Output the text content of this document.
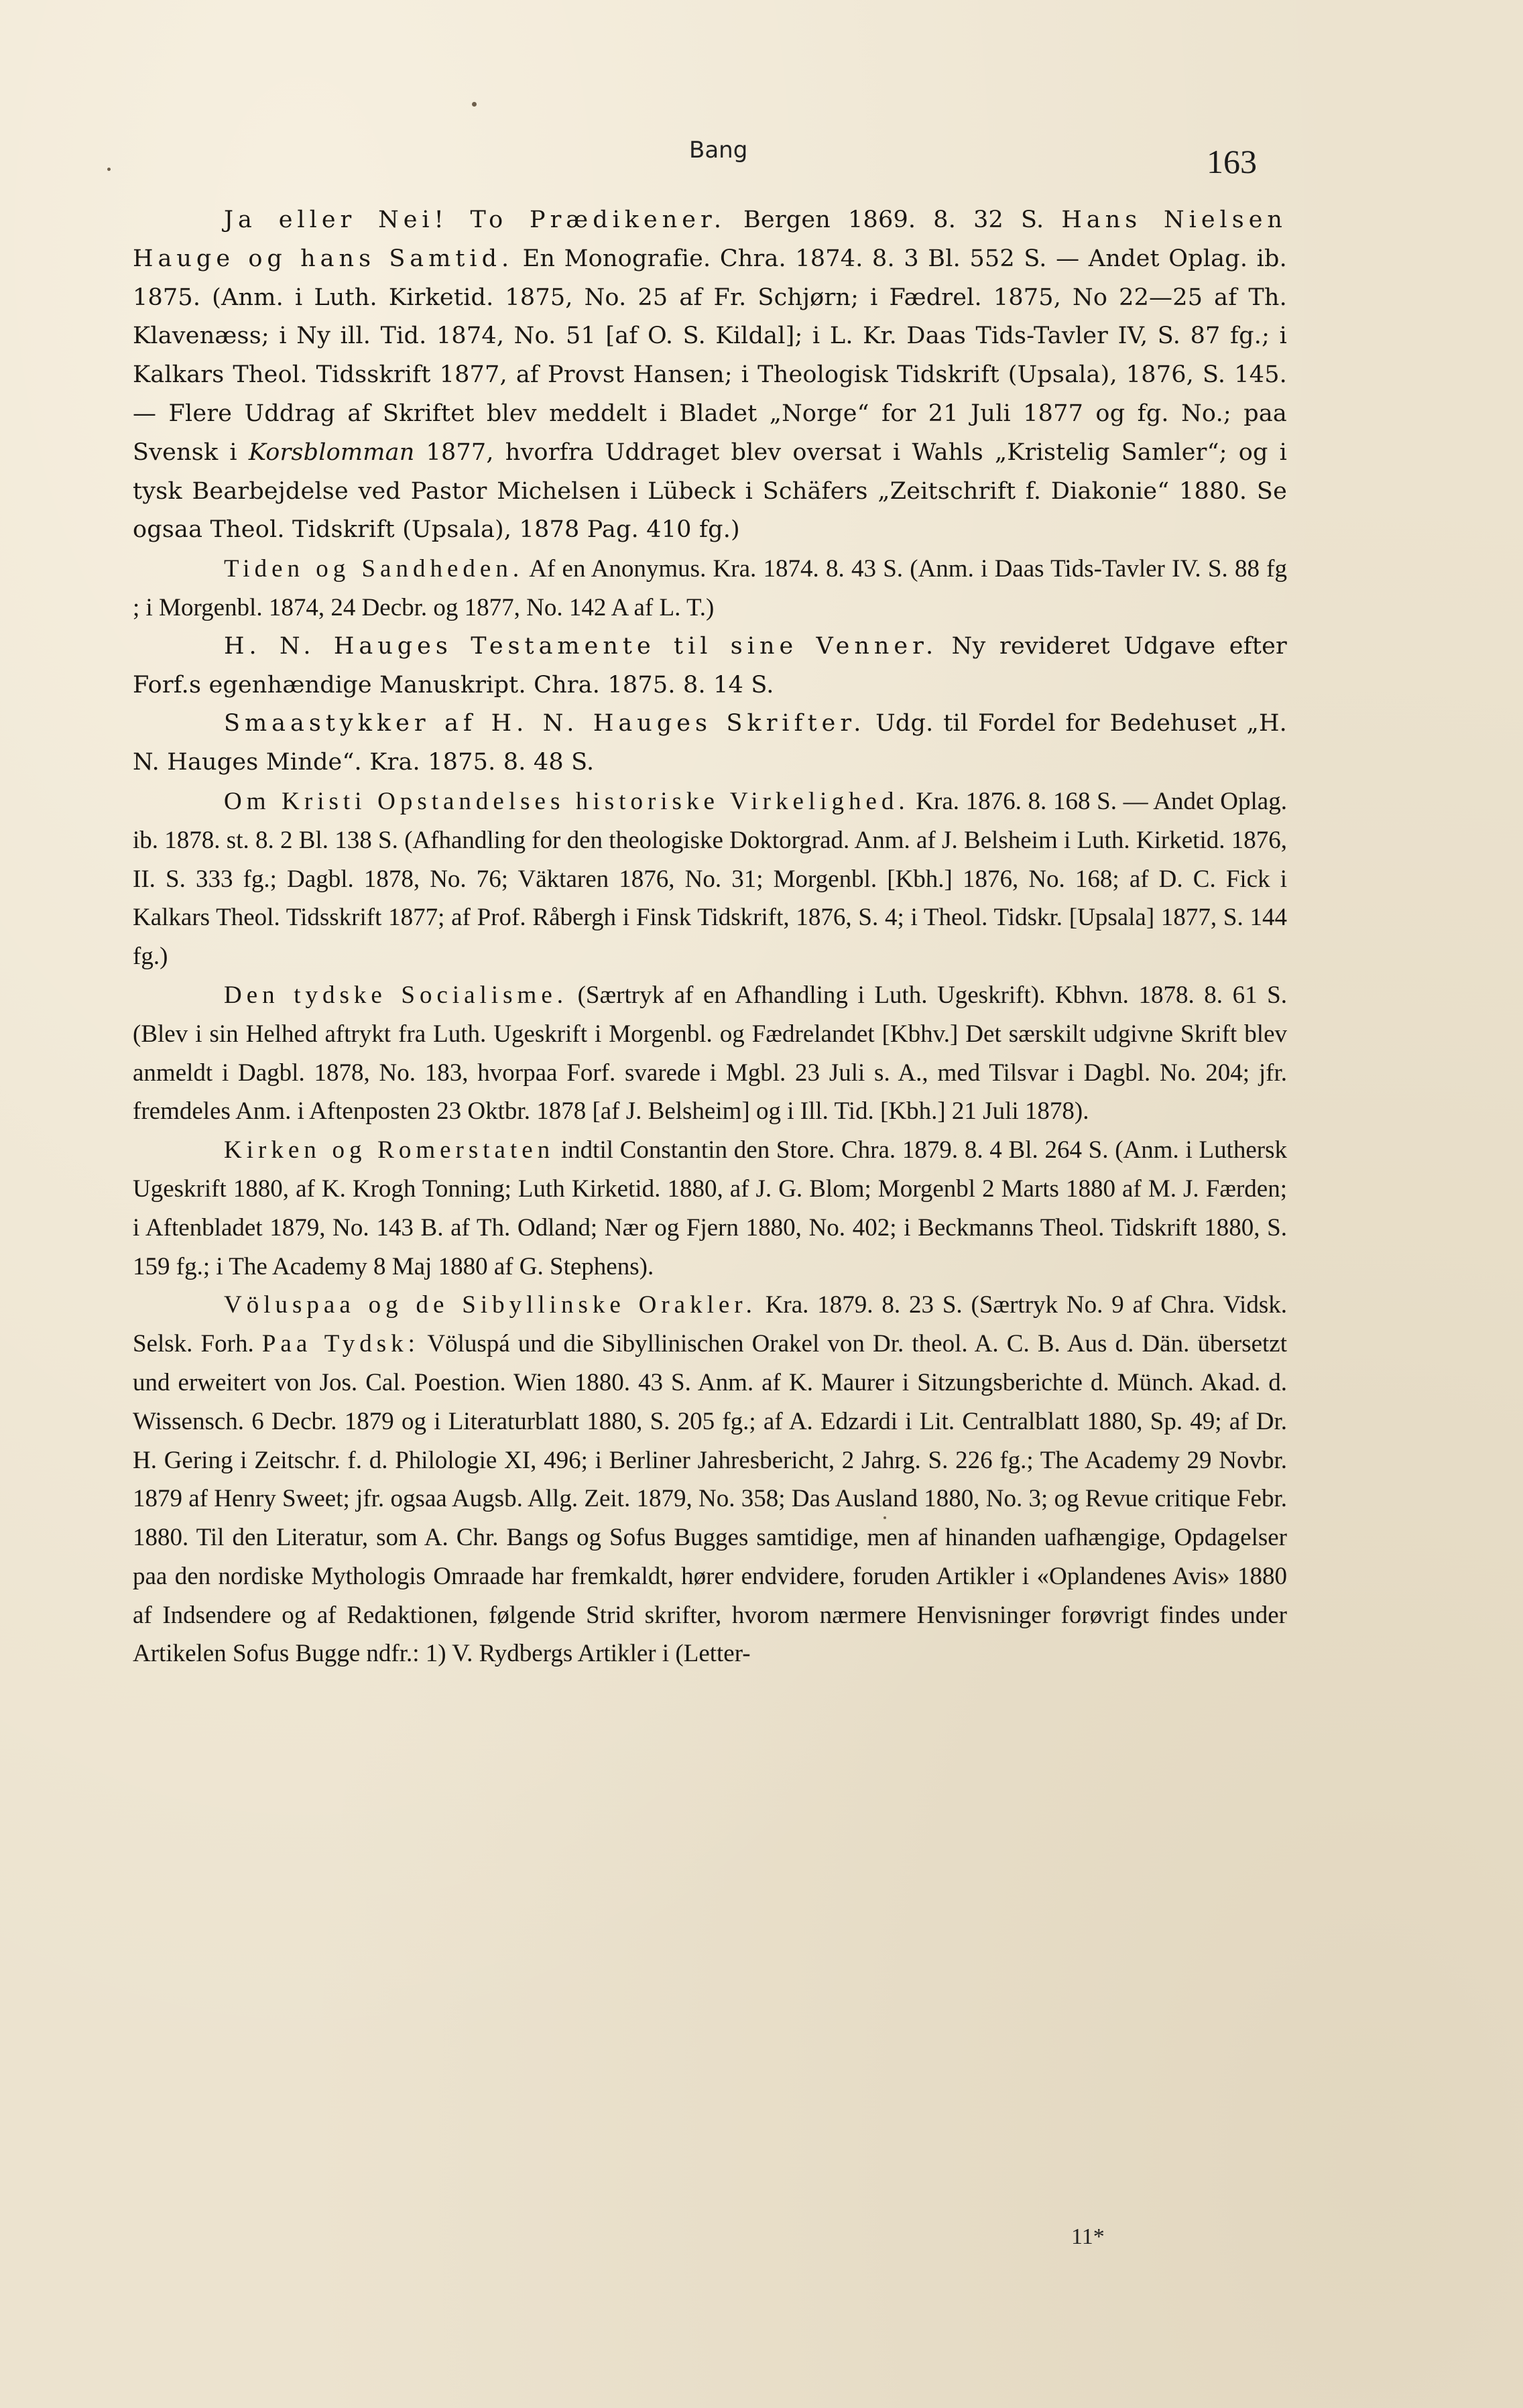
Bang	163

Ja eller Nei! To Prædikener. Bergen 1869. 8. 32 S. Hans Nielsen Hauge og hans Samtid. En Monografie. Chra. 1874. 8. 3 Bl. 552 S. — Andet Oplag. ib. 1875. (Anm. i Luth. Kirketid. 1875, No. 25 af Fr. Schjørn; i Fædrel. 1875, No 22—25 af Th. Klavenæss; i Ny ill. Tid. 1874, No. 51 [af O. S. Kildal]; i L. Kr. Daas Tids-Tavler IV, S. 87 fg.; i Kalkars Theol. Tidsskrift 1877, af Provst Hansen; i Theologisk Tidskrift (Upsala), 1876, S. 145. — Flere Uddrag af Skriftet blev meddelt i Bladet „Norge“ for 21 Juli 1877 og fg. No.; paa Svensk i Korsblomman 1877, hvorfra Uddraget blev oversat i Wahls „Kristelig Samler“; og i tysk Bearbejdelse ved Pastor Michelsen i Lübeck i Schäfers „Zeitschrift f. Diakonie“ 1880. Se ogsaa Theol. Tidskrift (Upsala), 1878 Pag. 410 fg.)

Tiden og Sandheden. Af en Anonymus. Kra. 1874. 8. 43 S. (Anm. i Daas Tids-Tavler IV. S. 88 fg ; i Morgenbl. 1874, 24 Decbr. og 1877, No. 142 A af L. T.)

H. N. Hauges Testamente til sine Venner. Ny revideret Udgave efter Forf.s egenhændige Manuskript. Chra. 1875. 8. 14 S.

Smaastykker af H. N. Hauges Skrifter. Udg. til Fordel for Bedehuset „H. N. Hauges Minde“. Kra. 1875. 8. 48 S.

Om Kristi Opstandelses historiske Virkelighed. Kra. 1876. 8. 168 S. — Andet Oplag. ib. 1878. st. 8. 2 Bl. 138 S. (Afhandling for den theologiske Doktorgrad. Anm. af J. Belsheim i Luth. Kirketid. 1876, II. S. 333 fg.; Dagbl. 1878, No. 76; Väktaren 1876, No. 31; Morgenbl. [Kbh.] 1876, No. 168; af D. C. Fick i Kalkars Theol. Tidsskrift 1877; af Prof. Råbergh i Finsk Tidskrift, 1876, S. 4; i Theol. Tidskr. [Upsala] 1877, S. 144 fg.)

Den tydske Socialisme. (Særtryk af en Afhandling i Luth. Ugeskrift). Kbhvn. 1878. 8. 61 S. (Blev i sin Helhed aftrykt fra Luth. Ugeskrift i Morgenbl. og Fædrelandet [Kbhv.] Det særskilt udgivne Skrift blev anmeldt i Dagbl. 1878, No. 183, hvorpaa Forf. svarede i Mgbl. 23 Juli s. A., med Tilsvar i Dagbl. No. 204; jfr. fremdeles Anm. i Aftenposten 23 Oktbr. 1878 [af J. Belsheim] og i Ill. Tid. [Kbh.] 21 Juli 1878).

Kirken og Romerstaten indtil Constantin den Store. Chra. 1879. 8. 4 Bl. 264 S. (Anm. i Luthersk Ugeskrift 1880, af K. Krogh Tonning; Luth Kirketid. 1880, af J. G. Blom; Morgenbl 2 Marts 1880 af M. J. Færden; i Aftenbladet 1879, No. 143 B. af Th. Odland; Nær og Fjern 1880, No. 402; i Beckmanns Theol. Tidskrift 1880, S. 159 fg.; i The Academy 8 Maj 1880 af G. Stephens).

Völuspaa og de Sibyllinske Orakler. Kra. 1879. 8. 23 S. (Særtryk No. 9 af Chra. Vidsk. Selsk. Forh. Paa Tydsk: Völuspá und die Sibyllinischen Orakel von Dr. theol. A. C. B. Aus d. Dän. übersetzt und erweitert von Jos. Cal. Poestion. Wien 1880. 43 S. Anm. af K. Maurer i Sitzungsberichte d. Münch. Akad. d. Wissensch. 6 Decbr. 1879 og i Literaturblatt 1880, S. 205 fg.; af A. Edzardi i Lit. Centralblatt 1880, Sp. 49; af Dr. H. Gering i Zeitschr. f. d. Philologie XI, 496; i Berliner Jahresbericht, 2 Jahrg. S. 226 fg.; The Academy 29 Novbr. 1879 af Henry Sweet; jfr. ogsaa Augsb. Allg. Zeit. 1879, No. 358; Das Ausland 1880, No. 3; og Revue critique Febr. 1880. Til den Literatur, som A. Chr. Bangs og Sofus Bugges samtidige, men af hinanden uafhængige, Opdagelser paa den nordiske Mythologis Omraade har fremkaldt, hører endvidere, foruden Artikler i «Oplandenes Avis» 1880 af Indsendere og af Redaktionen, følgende Strid skrifter, hvorom nærmere Henvisninger forøvrigt findes under Artikelen Sofus Bugge ndfr.: 1) V. Rydbergs Artikler i (Letter-

11*
